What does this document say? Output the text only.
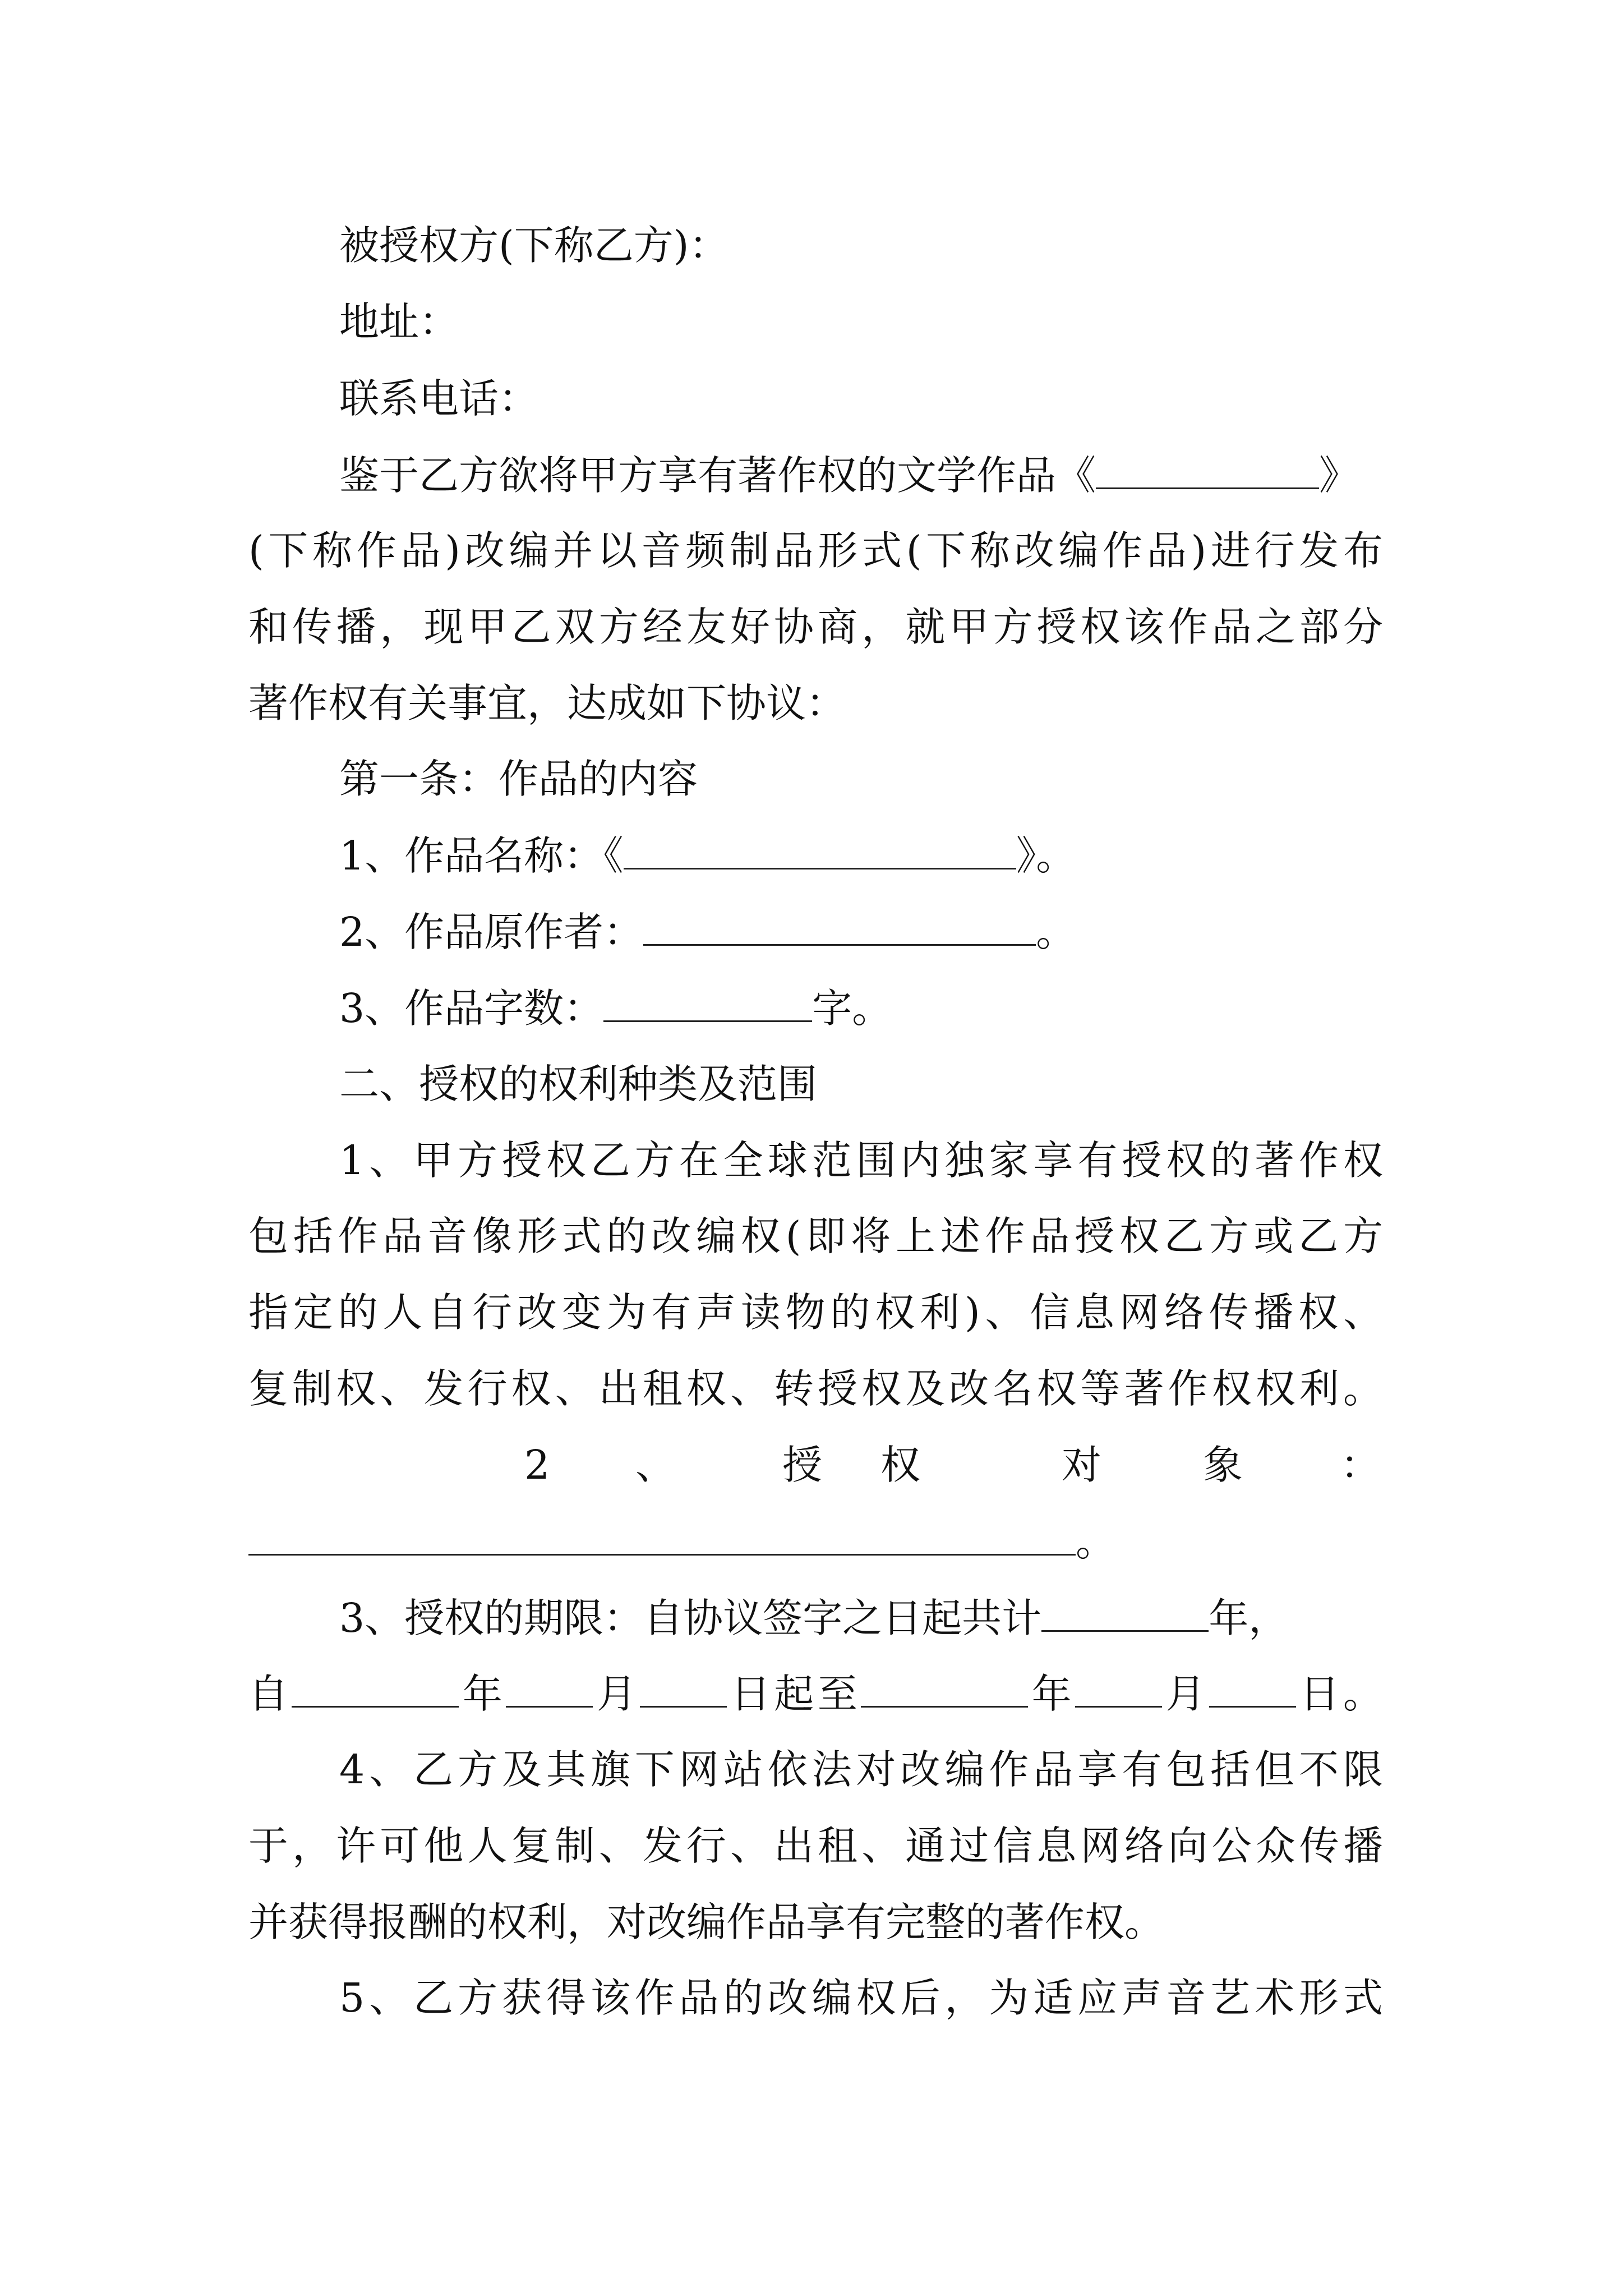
被授权方(下称乙方)：
地址：
联系电话：
鉴于乙方欲将甲方享有著作权的文学作品《	》
(下称作品)改编并以音频制品形式(下称改编作品)进行发布
和传播，现甲乙双方经友好协商，就甲方授权该作品之部分
著作权有关事宜，达成如下协议：
第一条：作品的内容
1、作品名称：《	》。
2、作品原作者：	。
3、作品字数：	字。
二、授权的权利种类及范围
1、甲方授权乙方在全球范围内独家享有授权的著作权
包括作品音像形式的改编权(即将上述作品授权乙方或乙方
指定的人自行改变为有声读物的权利)、信息网络传播权、
复制权、发行权、出租权、转授权及改名权等著作权权利。
2 、	授 权	对	象 ：
。
3、授权的期限：自协议签字之日起共计	年，
自	年 月 日起至	年 月 日。
4、乙方及其旗下网站依法对改编作品享有包括但不限
于，许可他人复制、发行、出租、通过信息网络向公众传播
并获得报酬的权利，对改编作品享有完整的著作权。
5、乙方获得该作品的改编权后，为适应声音艺术形式
